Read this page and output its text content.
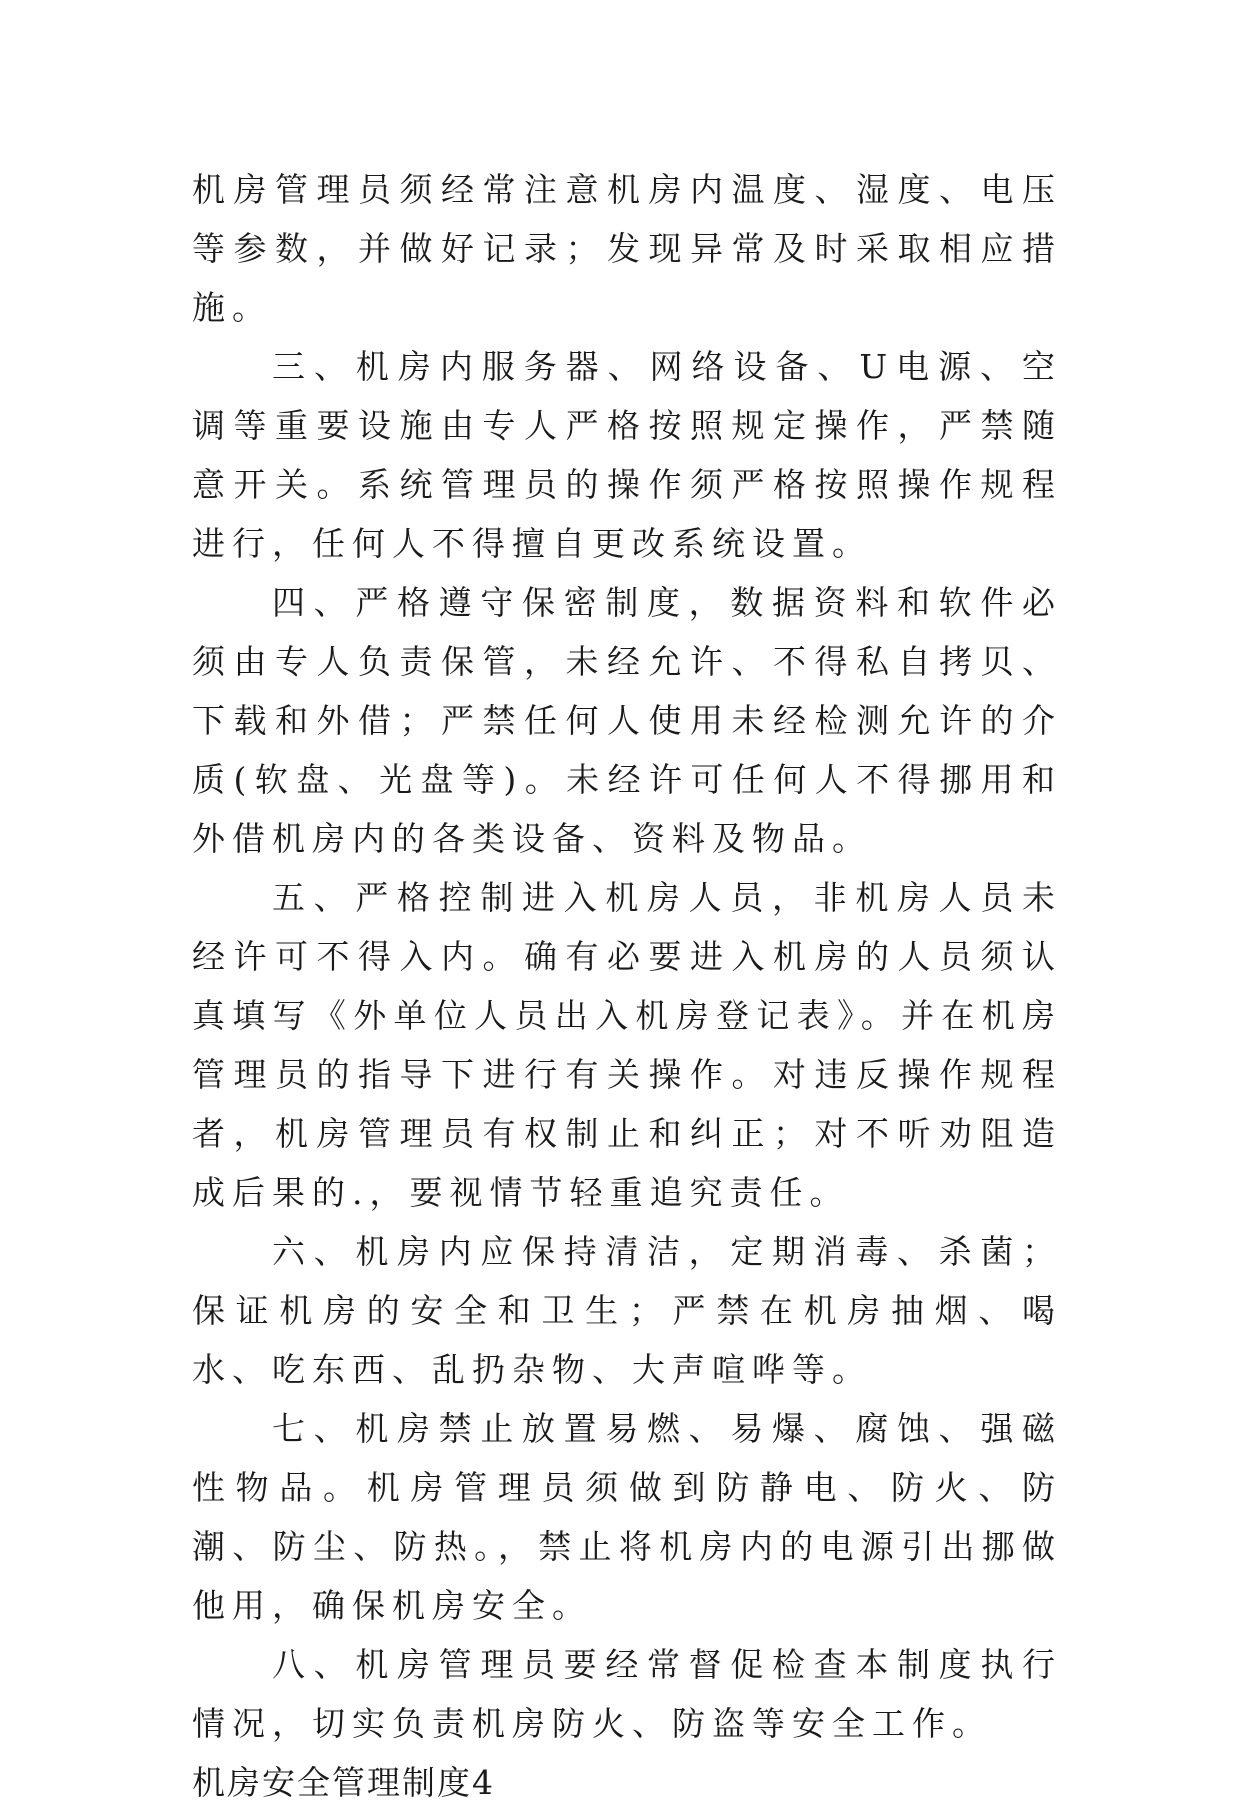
机房管理员须经常注意机房内温度、湿度、电压等参数，并做好记录；发现异常及时采取相应措施。

三、机房内服务器、网络设备、U电源、空调等重要设施由专人严格按照规定操作，严禁随意开关。系统管理员的操作须严格按照操作规程进行，任何人不得擅自更改系统设置。

四、严格遵守保密制度，数据资料和软件必须由专人负责保管，未经允许、不得私自拷贝、下载和外借；严禁任何人使用未经检测允许的介质(软盘、光盘等)。未经许可任何人不得挪用和外借机房内的各类设备、资料及物品。

五、严格控制进入机房人员，非机房人员未经许可不得入内。确有必要进入机房的人员须认真填写《外单位人员出入机房登记表》。并在机房管理员的指导下进行有关操作。对违反操作规程者，机房管理员有权制止和纠正；对不听劝阻造成后果的.，要视情节轻重追究责任。

六、机房内应保持清洁，定期消毒、杀菌；保证机房的安全和卫生；严禁在机房抽烟、喝水、吃东西、乱扔杂物、大声喧哗等。

七、机房禁止放置易燃、易爆、腐蚀、强磁性物品。机房管理员须做到防静电、防火、防潮、防尘、防热。，禁止将机房内的电源引出挪做他用，确保机房安全。

八、机房管理员要经常督促检查本制度执行情况，切实负责机房防火、防盗等安全工作。

机房安全管理制度4
